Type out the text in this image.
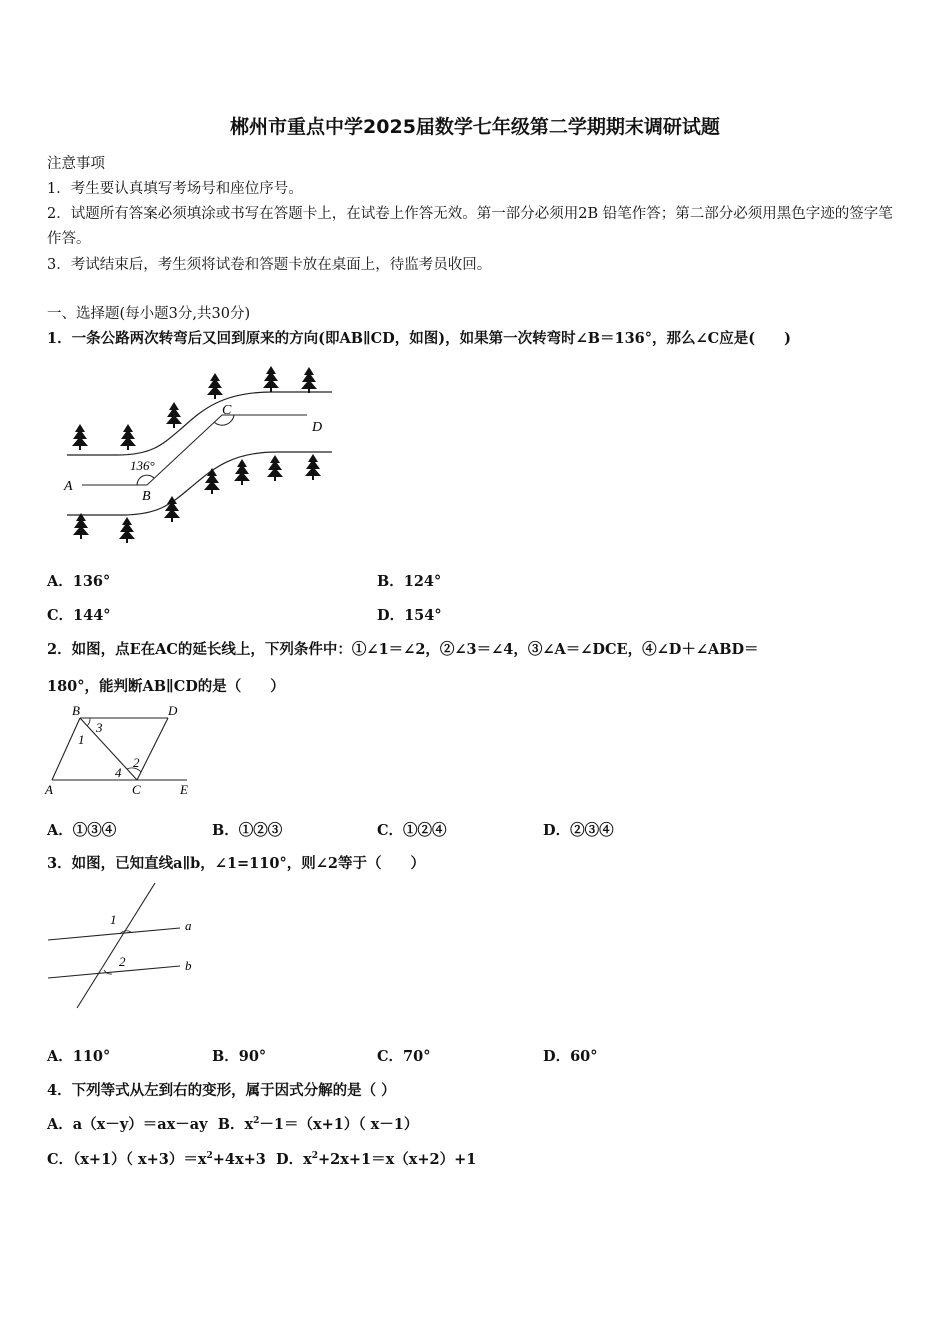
郴州市重点中学2025届数学七年级第二学期期末调研试题
注意事项
1．考生要认真填写考场号和座位序号。
2．试题所有答案必须填涂或书写在答题卡上，在试卷上作答无效。第一部分必须用2B 铅笔作答；第二部分必须用黑色字迹的签字笔作答。
3．考试结束后，考生须将试卷和答题卡放在桌面上，待监考员收回。
一、选择题(每小题3分,共30分)
1．一条公路两次转弯后又回到原来的方向(即AB∥CD，如图)，如果第一次转弯时∠B＝136°，那么∠C应是(　　)
A
B
C
D
136°
A．136°	B．124°
C．144°	D．154°
2．如图，点E在AC的延长线上，下列条件中：①∠1＝∠2，②∠3＝∠4，③∠A＝∠DCE，④∠D＋∠ABD＝
180°，能判断AB∥CD的是（　　）
B	D
A	C	E
1
3
4
2
A．①③④	B．①②③	C．①②④	D．②③④
3．如图，已知直线a∥b，∠1=110°，则∠2等于（　　）
1
2
a
b
A．110°	B．90°	C．70°	D．60°
4．下列等式从左到右的变形，属于因式分解的是（ ）
A．a（x－y）＝ax－ay B．$x^2-1=(x+1)$（ x－1）
C．（x+1）（ $x+3)=x^2+4x+3$ D．$x^2+2x+1=x(x+2)+1$
